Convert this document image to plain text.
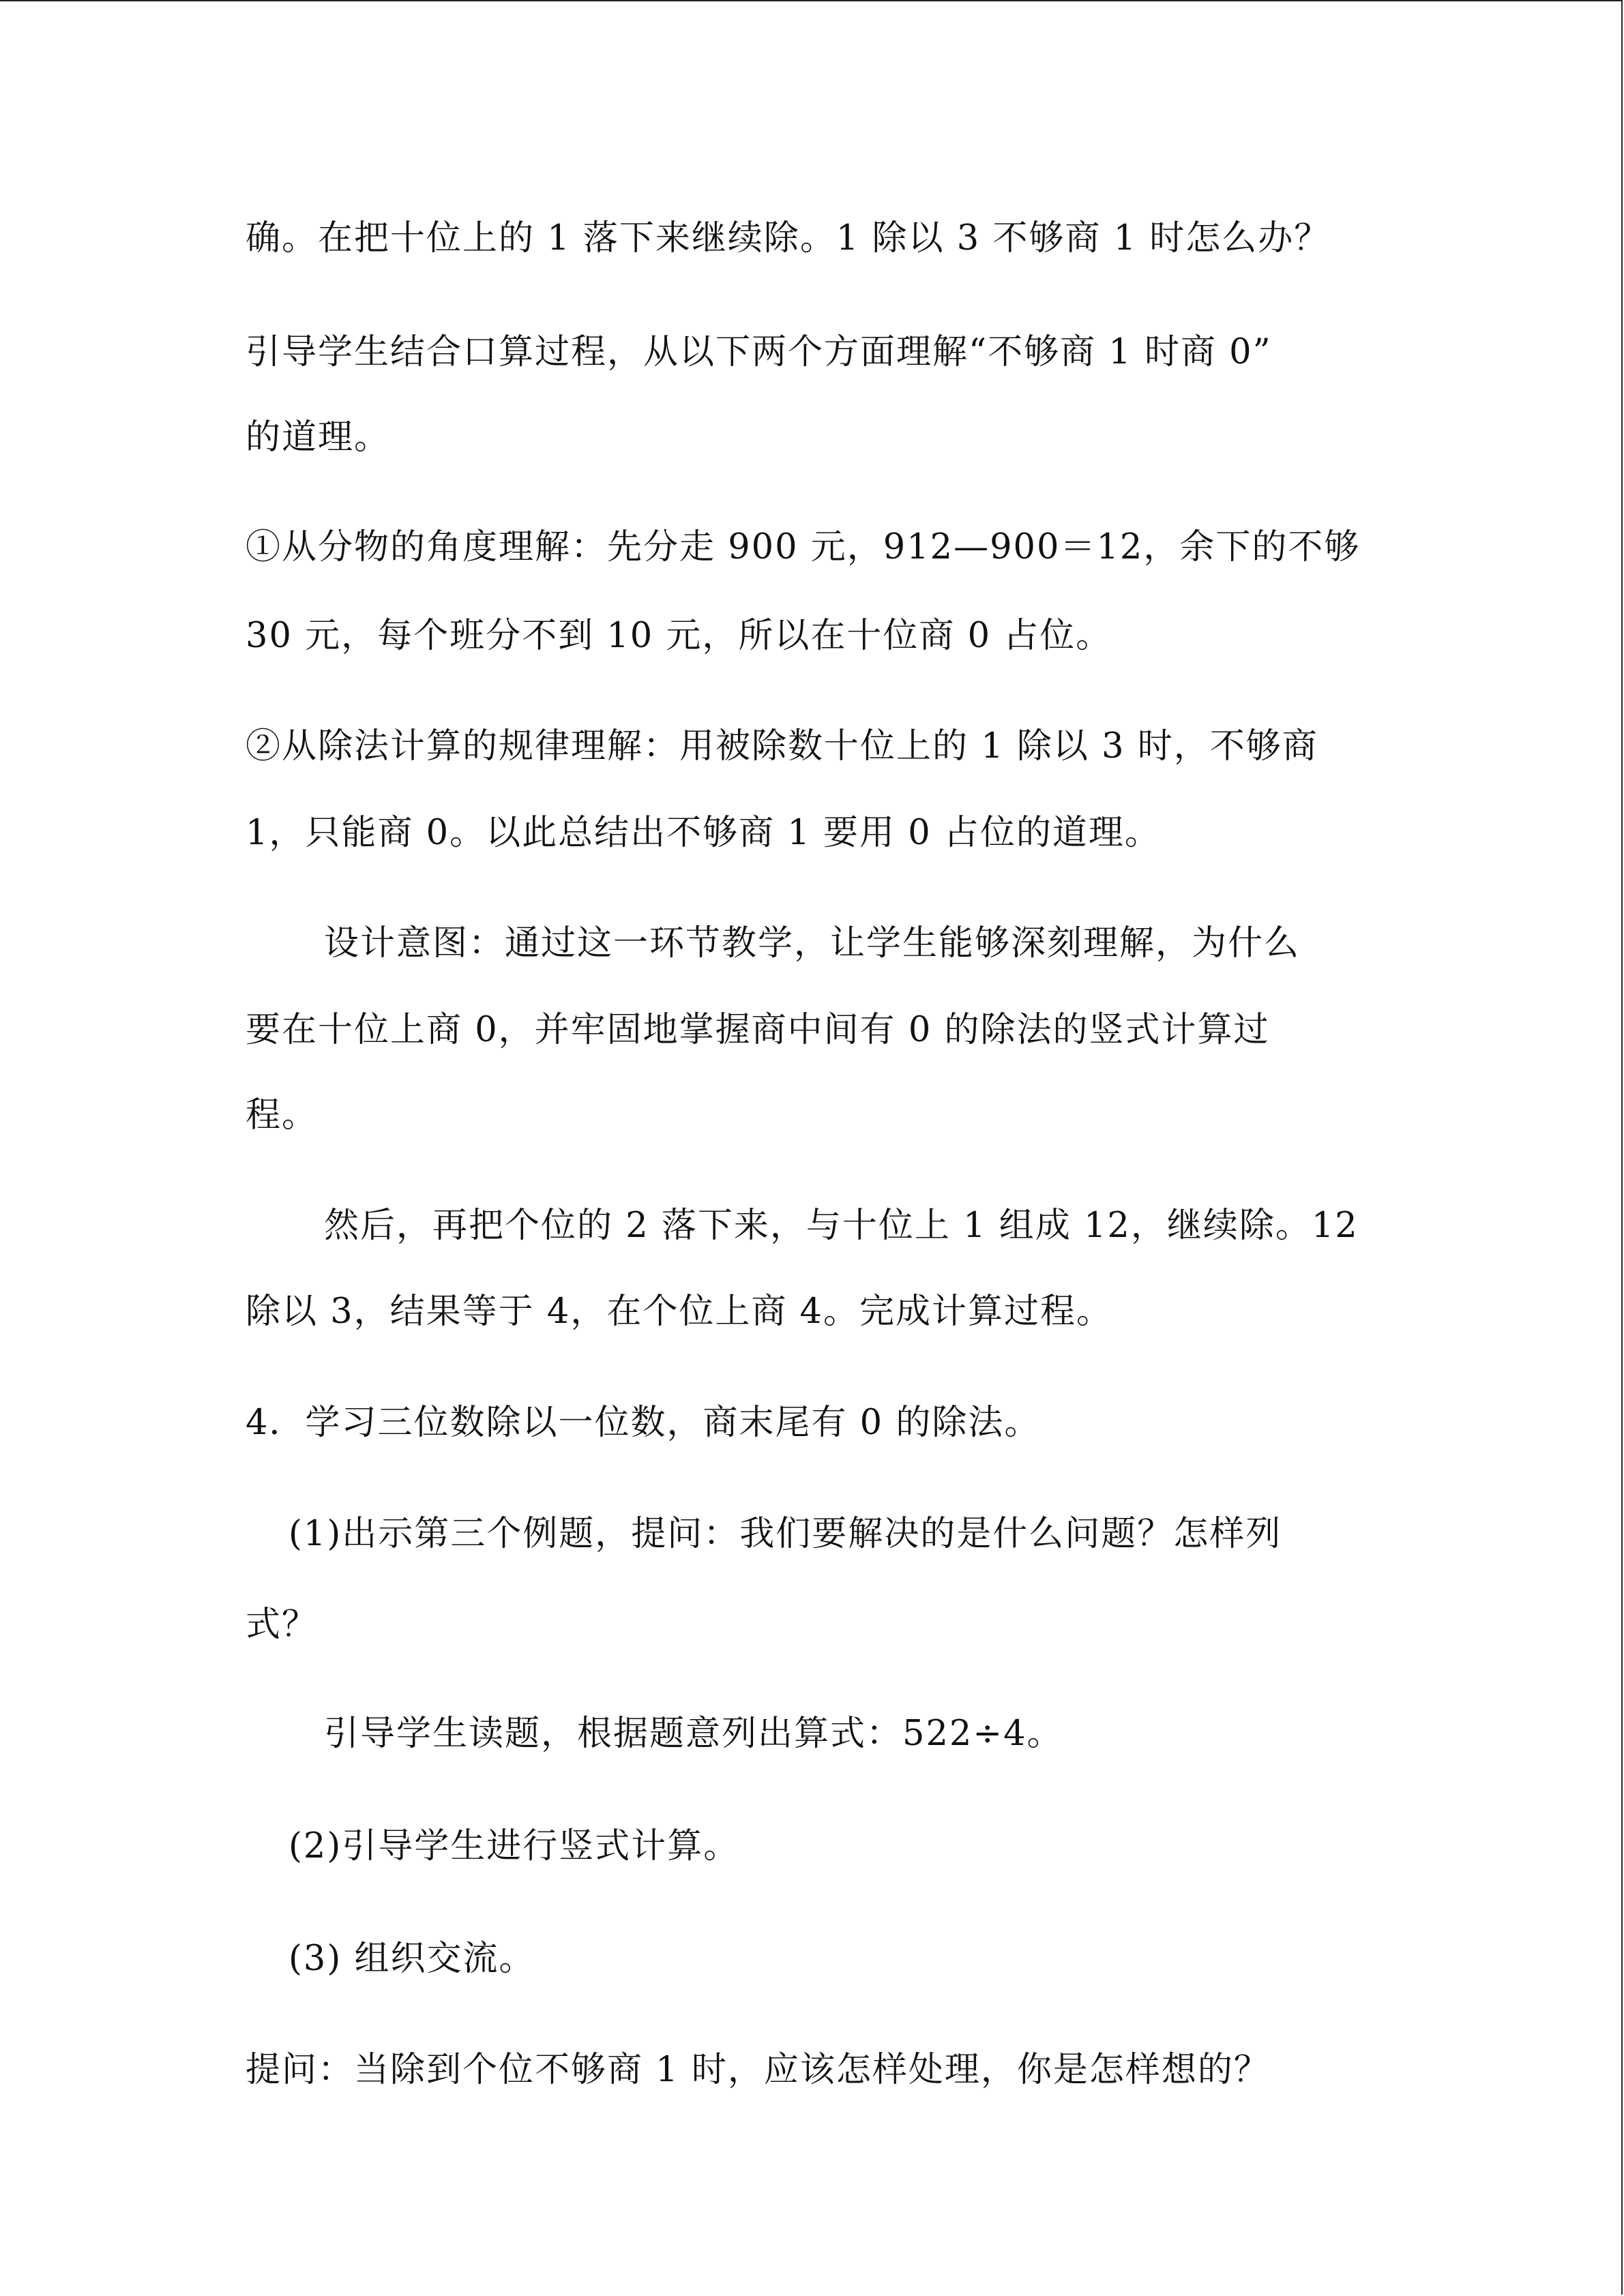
确。在把十位上的 1 落下来继续除。1 除以 3 不够商 1 时怎么办？
引导学生结合口算过程，从以下两个方面理解“不够商 1 时商 0”
的道理。
①从分物的角度理解：先分走 900 元，912—900＝12，余下的不够
30 元，每个班分不到 10 元，所以在十位商 0 占位。
②从除法计算的规律理解：用被除数十位上的 1 除以 3 时，不够商
1，只能商 0。以此总结出不够商 1 要用 0 占位的道理。
设计意图：通过这一环节教学，让学生能够深刻理解，为什么
要在十位上商 0，并牢固地掌握商中间有 0 的除法的竖式计算过
程。
然后，再把个位的 2 落下来，与十位上 1 组成 12，继续除。12
除以 3，结果等于 4，在个位上商 4。完成计算过程。
4．学习三位数除以一位数，商末尾有 0 的除法。
(1)出示第三个例题，提问：我们要解决的是什么问题？怎样列
式？
引导学生读题，根据题意列出算式：522÷4。
(2)引导学生进行竖式计算。
(3) 组织交流。
提问：当除到个位不够商 1 时，应该怎样处理，你是怎样想的？
